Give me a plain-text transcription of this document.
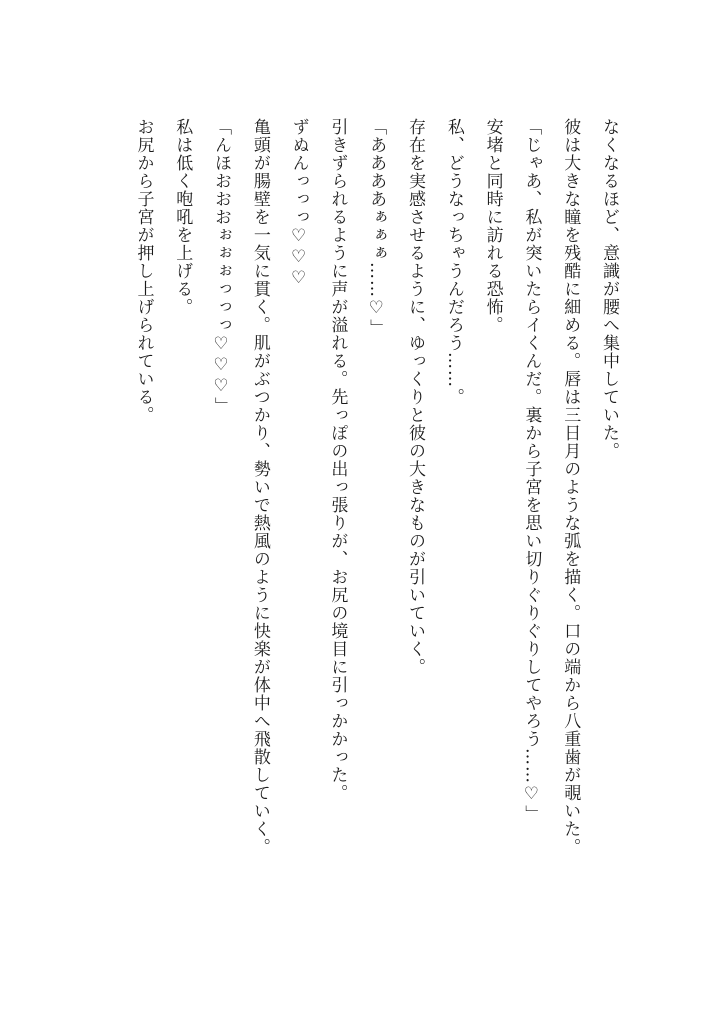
なくなるほど、意識が腰へ集中していた。
彼は大きな瞳を残酷に細める。唇は三日月のような弧を描く。口の端から八重歯が覗いた。
「じゃあ、私が突いたらイくんだ。裏から子宮を思い切りぐりぐりしてやろう……♡」
安堵と同時に訪れる恐怖。
私、どうなっちゃうんだろう……。
存在を実感させるように、ゆっくりと彼の大きなものが引いていく。
「ああああぁぁぁ……♡」
引きずられるように声が溢れる。先っぽの出っ張りが、お尻の境目に引っかかった。
ずぬんっっっ♡♡♡
亀頭が腸壁を一気に貫く。肌がぶつかり、勢いで熱風のように快楽が体中へ飛散していく。
「んほおおおぉぉぉっっっ♡♡♡」
私は低く咆吼を上げる。
お尻から子宮が押し上げられている。
